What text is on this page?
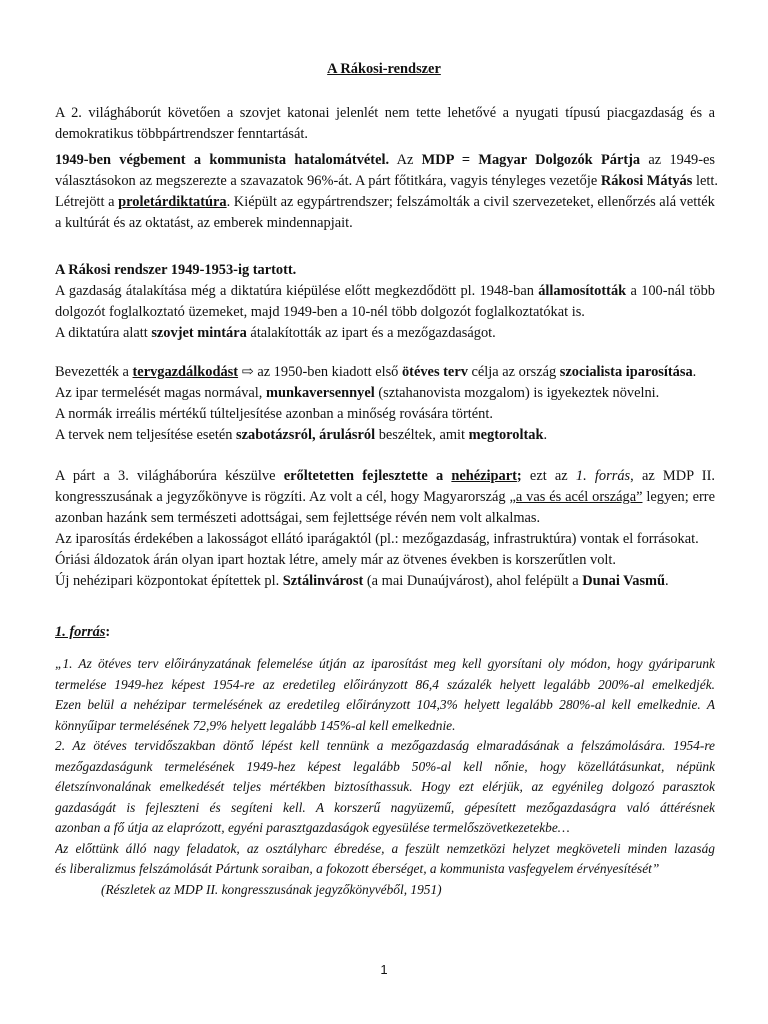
A Rákosi-rendszer
A 2. világháborút követően a szovjet katonai jelenlét nem tette lehetővé a nyugati típusú piacgazdaság és a
demokratikus többpártrendszer fenntartását.
1949-ben végbement a kommunista hatalomátvétel. Az MDP = Magyar Dolgozók Pártja az 1949-es
választásokon az megszerezte a szavazatok 96%-át. A párt főtitkára, vagyis tényleges vezetője Rákosi Mátyás lett.
Létrejött a proletárdiktatúra. Kiépült az egypártrendszer; felszámolták a civil szervezeteket, ellenőrzés alá vették
a kultúrát és az oktatást, az emberek mindennapjait.
A Rákosi rendszer 1949-1953-ig tartott.
A gazdaság átalakítása még a diktatúra kiépülése előtt megkezdődött pl. 1948-ban államosították a 100-nál több
dolgozót foglalkoztató üzemeket, majd 1949-ben a 10-nél több dolgozót foglalkoztatókat is.
A diktatúra alatt szovjet mintára átalakították az ipart és a mezőgazdaságot.
Bevezették a tervgazdálkodást ⇨ az 1950-ben kiadott első ötéves terv célja az ország szocialista iparosítása.
Az ipar termelését magas normával, munkaversennyel (sztahanovista mozgalom) is igyekeztek növelni.
A normák irreális mértékű túlteljesítése azonban a minőség rovására történt.
A tervek nem teljesítése esetén szabotázsról, árulásról beszéltek, amit megtoroltak.
A párt a 3. világháborúra készülve erőltetetten fejlesztette a nehézipart; ezt az 1. forrás, az MDP II.
kongresszusának a jegyzőkönyve is rögzíti. Az volt a cél, hogy Magyarország „a vas és acél országa” legyen; erre
azonban hazánk sem természeti adottságai, sem fejlettsége révén nem volt alkalmas.
Az iparosítás érdekében a lakosságot ellátó iparágaktól (pl.: mezőgazdaság, infrastruktúra) vontak el forrásokat.
Óriási áldozatok árán olyan ipart hoztak létre, amely már az ötvenes években is korszerűtlen volt.
Új nehézipari központokat építettek pl. Sztálinvárost (a mai Dunaújvárost), ahol felépült a Dunai Vasmű.
1. forrás:
„1. Az ötéves terv előirányzatának felemelése útján az iparosítást meg kell gyorsítani oly módon, hogy gyáriparunk
termelése 1949-hez képest 1954-re az eredetileg előirányzott 86,4 százalék helyett legalább 200%-al emelkedjék.
Ezen belül a nehézipar termelésének az eredetileg előirányzott 104,3% helyett legalább 280%-al kell emelkednie. A
könnyűipar termelésének 72,9% helyett legalább 145%-al kell emelkednie.
2. Az ötéves tervidőszakban döntő lépést kell tennünk a mezőgazdaság elmaradásának a felszámolására. 1954-re
mezőgazdaságunk termelésének 1949-hez képest legalább 50%-al kell nőnie, hogy közellátásunkat, népünk
életszínvonalának emelkedését teljes mértékben biztosíthassuk. Hogy ezt elérjük, az egyénileg dolgozó parasztok
gazdaságát is fejleszteni és segíteni kell. A korszerű nagyüzemű, gépesített mezőgazdaságra való áttérésnek
azonban a fő útja az elaprózott, egyéni parasztgazdaságok egyesülése termelőszövetkezetekbe…
Az előttünk álló nagy feladatok, az osztályharc ébredése, a feszült nemzetközi helyzet megköveteli minden lazaság
és liberalizmus felszámolását Pártunk soraiban, a fokozott éberséget, a kommunista vasfegyelem érvényesítését”
(Részletek az MDP II. kongresszusának jegyzőkönyvéből, 1951)
1
